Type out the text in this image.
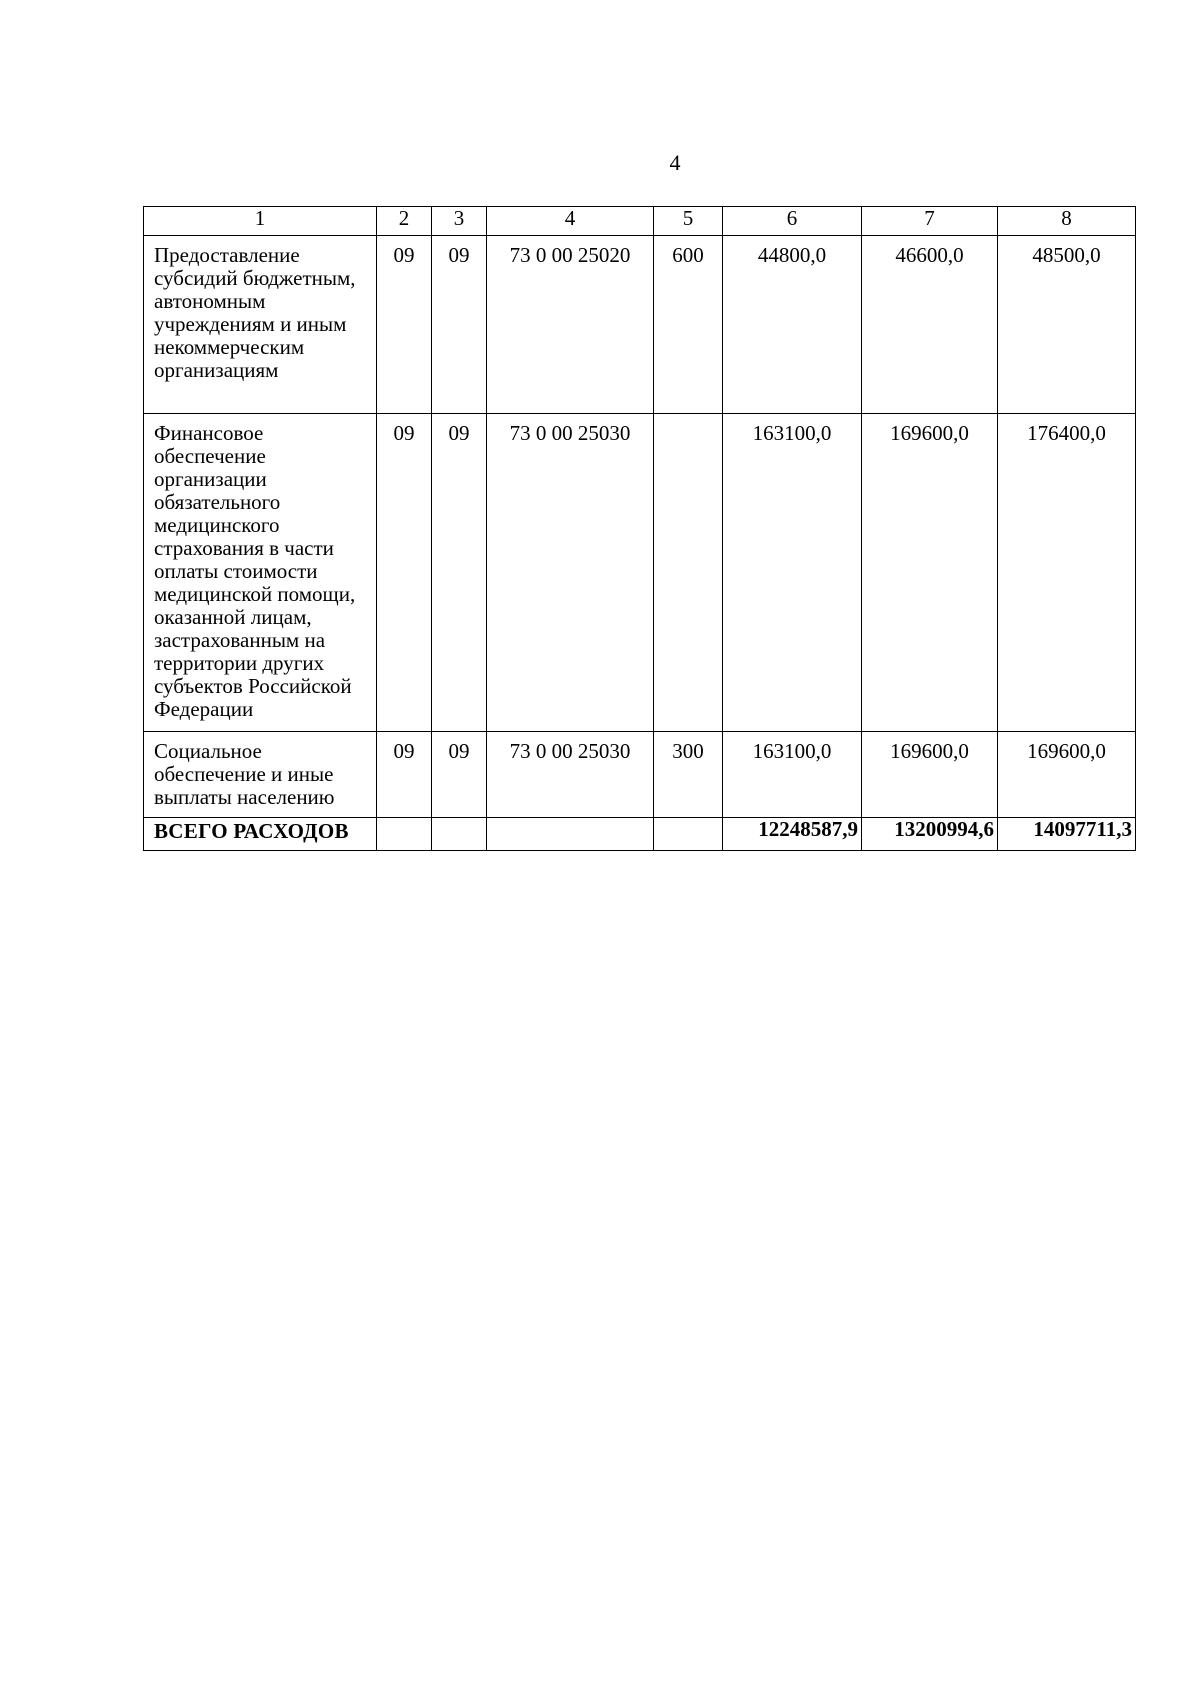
4
1	2	3	4	5	6	7	8
Предоставление субсидий бюджетным, автономным учреждениям и иным некоммерческим организациям	09	09	73 0 00 25020	600	44800,0	46600,0	48500,0
Финансовое обеспечение организации обязательного медицинского страхования в части оплаты стоимости медицинской помощи, оказанной лицам, застрахованным на территории других субъектов Российской Федерации	09	09	73 0 00 25030		163100,0	169600,0	176400,0
Социальное обеспечение и иные выплаты населению	09	09	73 0 00 25030	300	163100,0	169600,0	169600,0
ВСЕГО РАСХОДОВ					12248587,9	13200994,6	14097711,3
